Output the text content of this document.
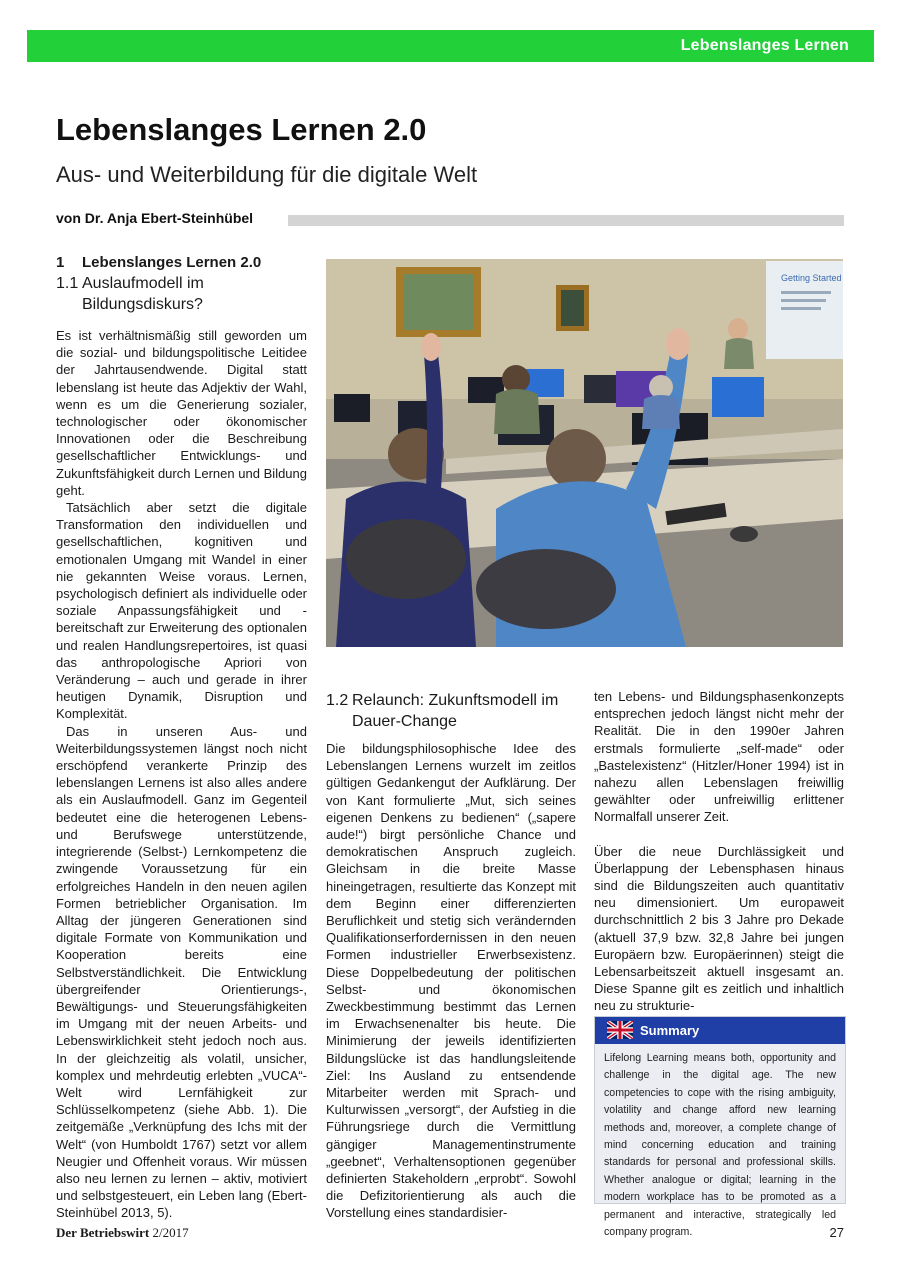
Lebenslanges Lernen
Lebenslanges Lernen 2.0
Aus- und Weiterbildung für die digitale Welt
von Dr. Anja Ebert-Steinhübel
1 Lebenslanges Lernen 2.0
1.1 Auslaufmodell im
Bildungsdiskurs?

Es ist verhältnismäßig still geworden um die sozial- und bildungspolitische Leitidee der Jahrtausendwende. Digital statt lebenslang ist heute das Adjektiv der Wahl, wenn es um die Generierung sozialer, technologischer oder ökonomischer Innovationen oder die Beschreibung gesellschaftlicher Entwicklungs- und Zukunftsfähigkeit durch Lernen und Bildung geht.

Tatsächlich aber setzt die digitale Transformation den individuellen und gesellschaftlichen, kognitiven und emotionalen Umgang mit Wandel in einer nie gekannten Weise voraus. Lernen, psychologisch definiert als individuelle oder soziale Anpassungsfähigkeit und -bereitschaft zur Erweiterung des optionalen und realen Handlungsrepertoires, ist quasi das anthropologische Apriori von Veränderung – auch und gerade in ihrer heutigen Dynamik, Disruption und Komplexität.

Das in unseren Aus- und Weiterbildungssystemen längst noch nicht erschöpfend verankerte Prinzip des lebenslangen Lernens ist also alles andere als ein Auslaufmodell. Ganz im Gegenteil bedeutet eine die heterogenen Lebens- und Berufswege unterstützende, integrierende (Selbst-) Lernkompetenz die zwingende Voraussetzung für ein erfolgreiches Handeln in den neuen agilen Formen betrieblicher Organisation. Im Alltag der jüngeren Generationen sind digitale Formate von Kommunikation und Kooperation bereits eine Selbstverständlichkeit. Die Entwicklung übergreifender Orientierungs-, Bewältigungs- und Steuerungsfähigkeiten im Umgang mit der neuen Arbeits- und Lebenswirklichkeit steht jedoch noch aus. In der gleichzeitig als volatil, unsicher, komplex und mehrdeutig erlebten „VUCA“-Welt wird Lernfähigkeit zur Schlüsselkompetenz (siehe Abb. 1). Die zeitgemäße „Verknüpfung des Ichs mit der Welt“ (von Humboldt 1767) setzt vor allem Neugier und Offenheit voraus. Wir müssen also neu lernen zu lernen – aktiv, motiviert und selbstgesteuert, ein Leben lang (Ebert-Steinhübel 2013, 5).

Getting Started
1.2 Relaunch: Zukunftsmodell im
Dauer-Change

Die bildungsphilosophische Idee des Lebenslangen Lernens wurzelt im zeitlos gültigen Gedankengut der Aufklärung. Der von Kant formulierte „Mut, sich seines eigenen Denkens zu bedienen“ („sapere aude!“) birgt persönliche Chance und demokratischen Anspruch zugleich. Gleichsam in die breite Masse hineingetragen, resultierte das Konzept mit dem Beginn einer differenzierten Beruflichkeit und stetig sich verändernden Qualifikationserfordernissen in den neuen Formen industrieller Erwerbsexistenz. Diese Doppelbedeutung der politischen Selbst- und ökonomischen Zweckbestimmung bestimmt das Lernen im Erwachsenenalter bis heute. Die Minimierung der jeweils identifizierten Bildungslücke ist das handlungsleitende Ziel: Ins Ausland zu entsendende Mitarbeiter werden mit Sprach- und Kulturwissen „versorgt“, der Aufstieg in die Führungsriege durch die Vermittlung gängiger Managementinstrumente „geebnet“, Verhaltensoptionen gegenüber definierten Stakeholdern „erprobt“. Sowohl die Defizitorientierung als auch die Vorstellung eines standardisier-

ten Lebens- und Bildungsphasenkonzepts entsprechen jedoch längst nicht mehr der Realität. Die in den 1990er Jahren erstmals formulierte „self-made“ oder „Bastelexistenz“ (Hitzler/Honer 1994) ist in nahezu allen Lebenslagen freiwillig gewählter oder unfreiwillig erlittener Normalfall unserer Zeit.

Über die neue Durchlässigkeit und Überlappung der Lebensphasen hinaus sind die Bildungszeiten auch quantitativ neu dimensioniert. Um europaweit durchschnittlich 2 bis 3 Jahre pro Dekade (aktuell 37,9 bzw. 32,8 Jahre bei jungen Europäern bzw. Europäerinnen) steigt die Lebensarbeitszeit aktuell insgesamt an. Diese Spanne gilt es zeitlich und inhaltlich neu zu strukturie-

Summary
Lifelong Learning means both, opportunity and challenge in the digital age. The new competencies to cope with the rising ambiguity, volatility and change afford new learning methods and, moreover, a complete change of mind concerning education and training standards for personal and professional skills. Whether analogue or digital; learning in the modern workplace has to be promoted as a permanent and interactive, strategically led company program.
Der Betriebswirt 2/2017	27
